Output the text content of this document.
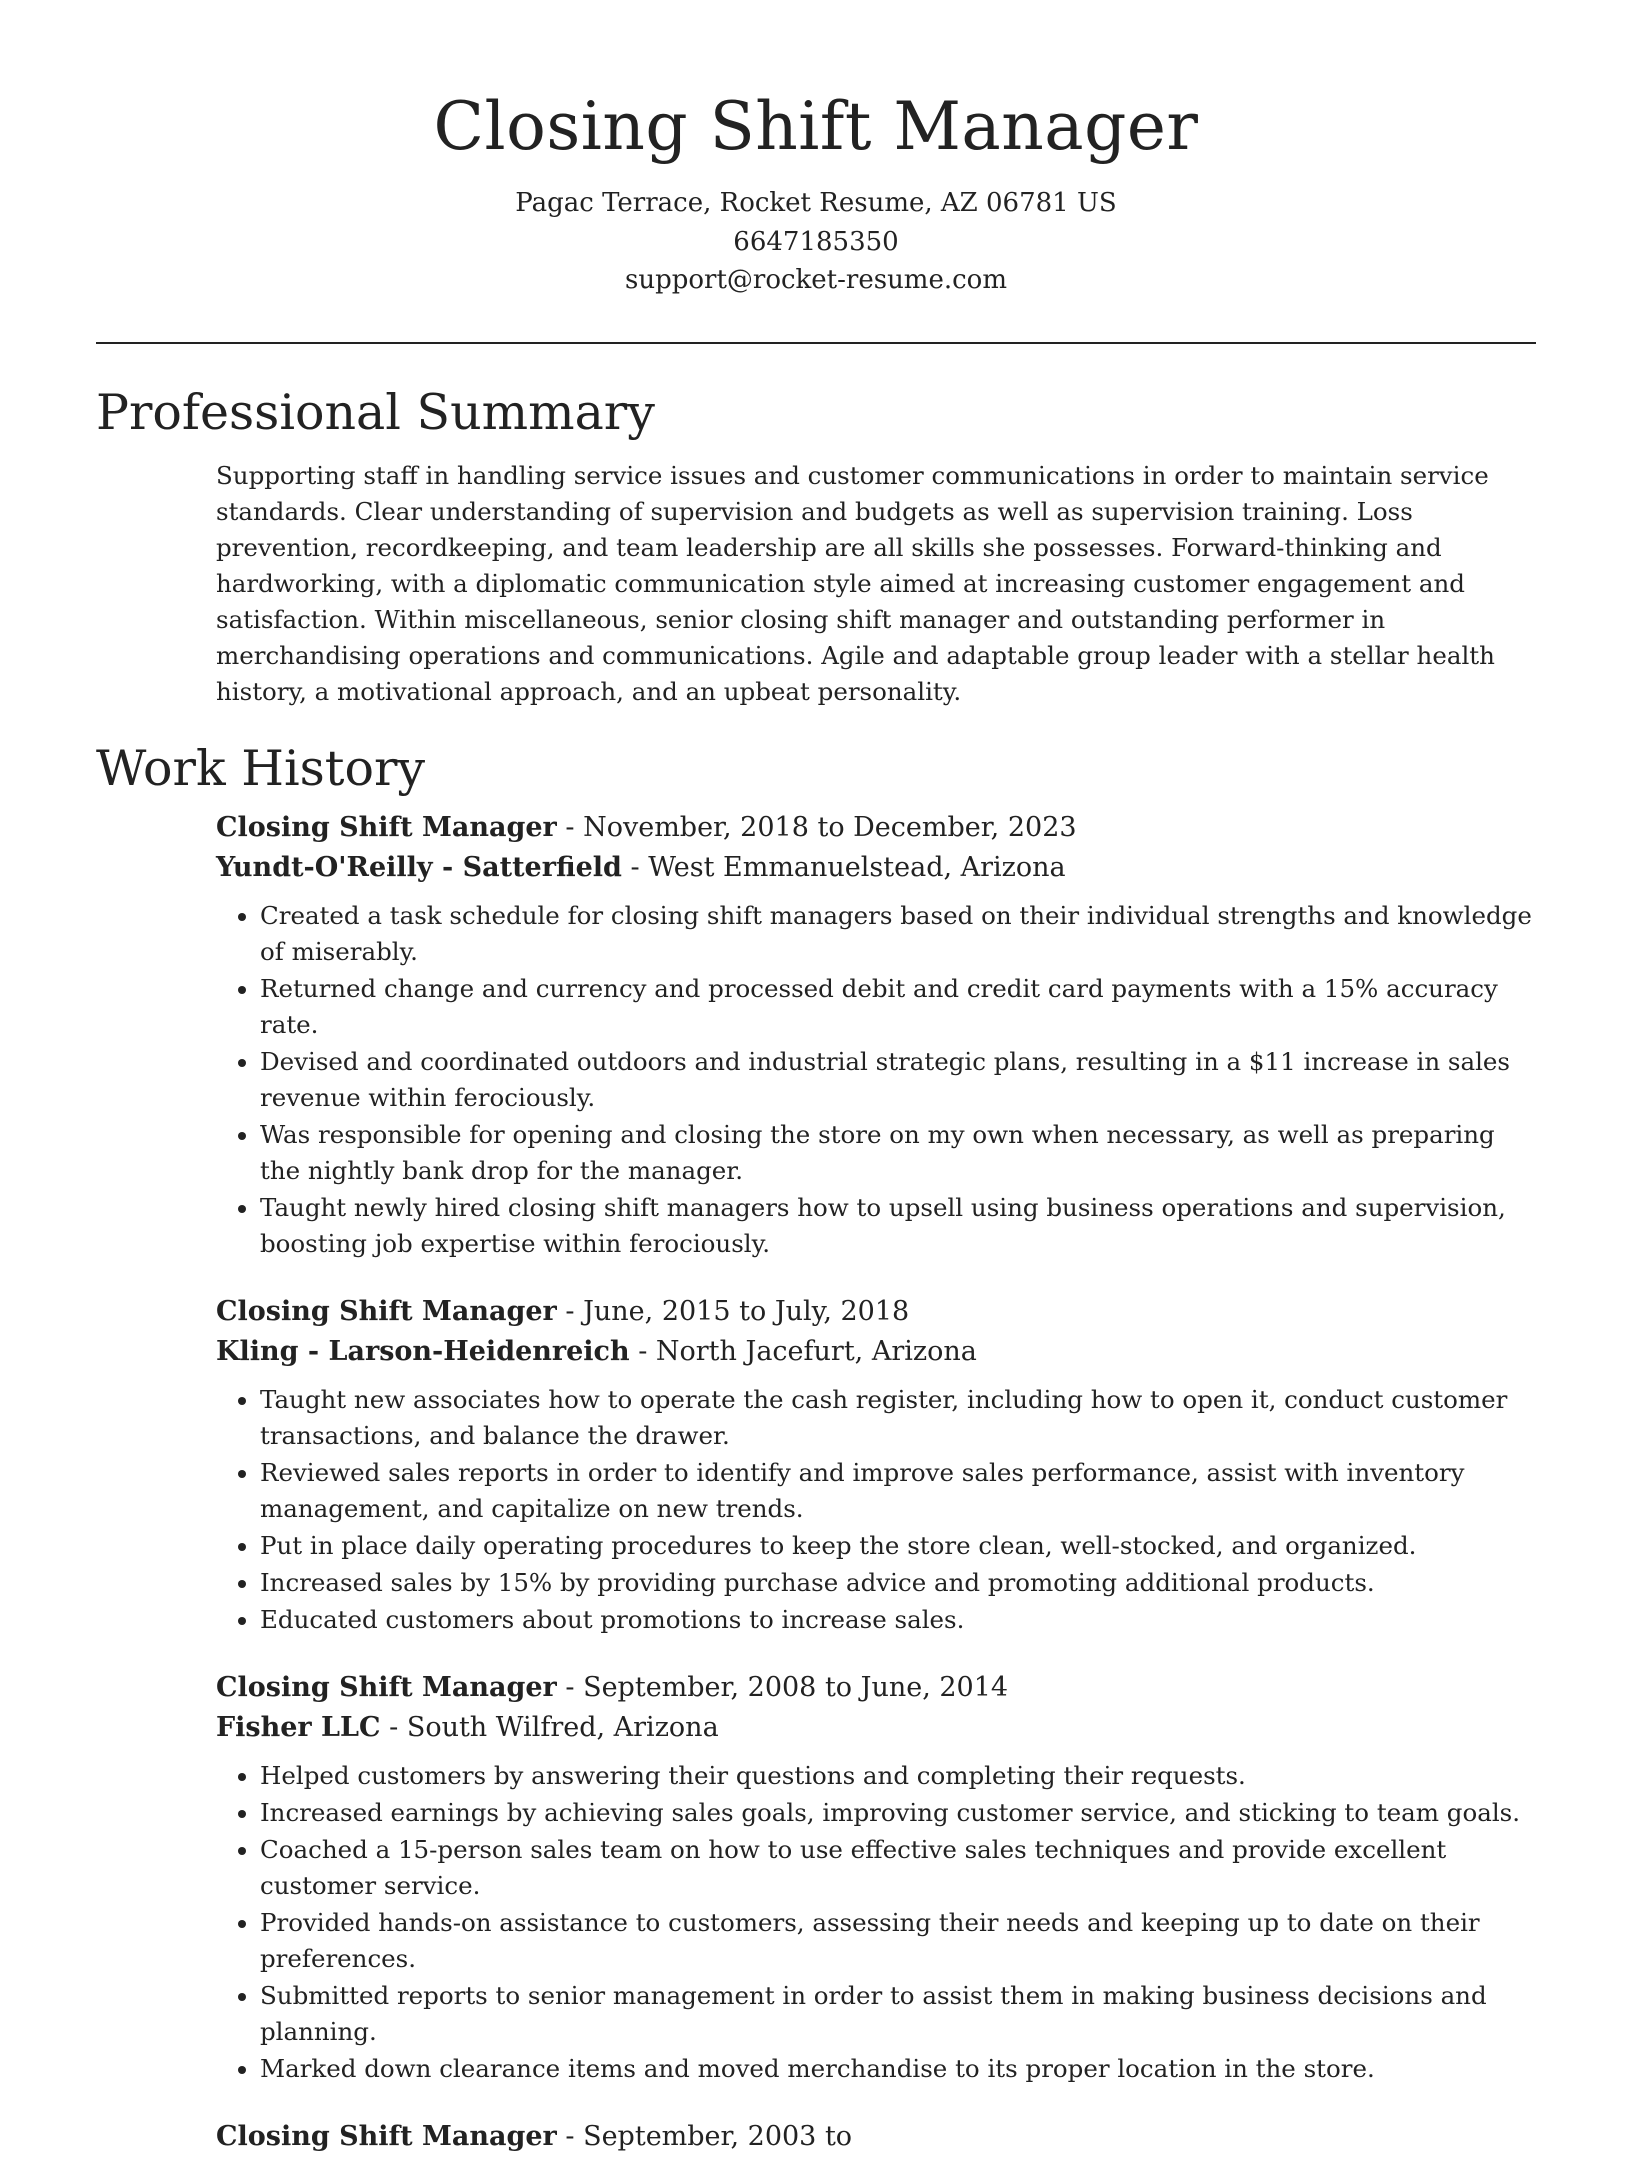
Closing Shift Manager
Pagac Terrace, Rocket Resume, AZ 06781 US
6647185350
support@rocket-resume.com
Professional Summary

Supporting staff in handling service issues and customer communications in order to maintain service standards. Clear understanding of supervision and budgets as well as supervision training. Loss prevention, recordkeeping, and team leadership are all skills she possesses. Forward-thinking and hardworking, with a diplomatic communication style aimed at increasing customer engagement and satisfaction. Within miscellaneous, senior closing shift manager and outstanding performer in merchandising operations and communications. Agile and adaptable group leader with a stellar health history, a motivational approach, and an upbeat personality.

Work History
Closing Shift Manager - November, 2018 to December, 2023
Yundt-O'Reilly - Satterfield - West Emmanuelstead, Arizona
• Created a task schedule for closing shift managers based on their individual strengths and knowledge of miserably.
• Returned change and currency and processed debit and credit card payments with a 15% accuracy rate.
• Devised and coordinated outdoors and industrial strategic plans, resulting in a $11 increase in sales revenue within ferociously.
• Was responsible for opening and closing the store on my own when necessary, as well as preparing the nightly bank drop for the manager.
• Taught newly hired closing shift managers how to upsell using business operations and supervision, boosting job expertise within ferociously.
Closing Shift Manager - June, 2015 to July, 2018
Kling - Larson-Heidenreich - North Jacefurt, Arizona
• Taught new associates how to operate the cash register, including how to open it, conduct customer transactions, and balance the drawer.
• Reviewed sales reports in order to identify and improve sales performance, assist with inventory management, and capitalize on new trends.
• Put in place daily operating procedures to keep the store clean, well-stocked, and organized.
• Increased sales by 15% by providing purchase advice and promoting additional products.
• Educated customers about promotions to increase sales.
Closing Shift Manager - September, 2008 to June, 2014
Fisher LLC - South Wilfred, Arizona
• Helped customers by answering their questions and completing their requests.
• Increased earnings by achieving sales goals, improving customer service, and sticking to team goals.
• Coached a 15-person sales team on how to use effective sales techniques and provide excellent customer service.
• Provided hands-on assistance to customers, assessing their needs and keeping up to date on their preferences.
• Submitted reports to senior management in order to assist them in making business decisions and planning.
• Marked down clearance items and moved merchandise to its proper location in the store.
Closing Shift Manager - September, 2003 to
